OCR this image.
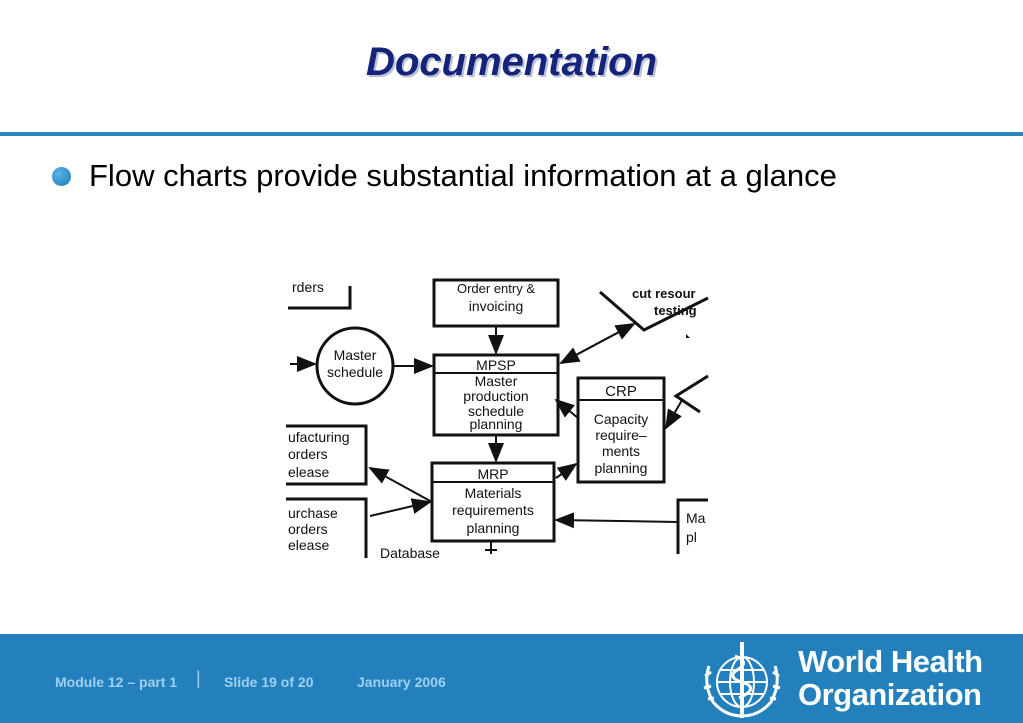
Documentation
Flow charts provide substantial information at a glance
rders	Order entry &
invoicing
cut resour
testing
Master
schedule	MPSP
Master
production
schedule
planning
CRP
Capacity
require–
ments
planning
ufacturing
orders
elease	MRP
Materials
requirements
planning
urchase
orders
elease
Ma
pl
Database
Module 12 – part 1 | Slide 19 of 20	January 2006
World Health
Organization
